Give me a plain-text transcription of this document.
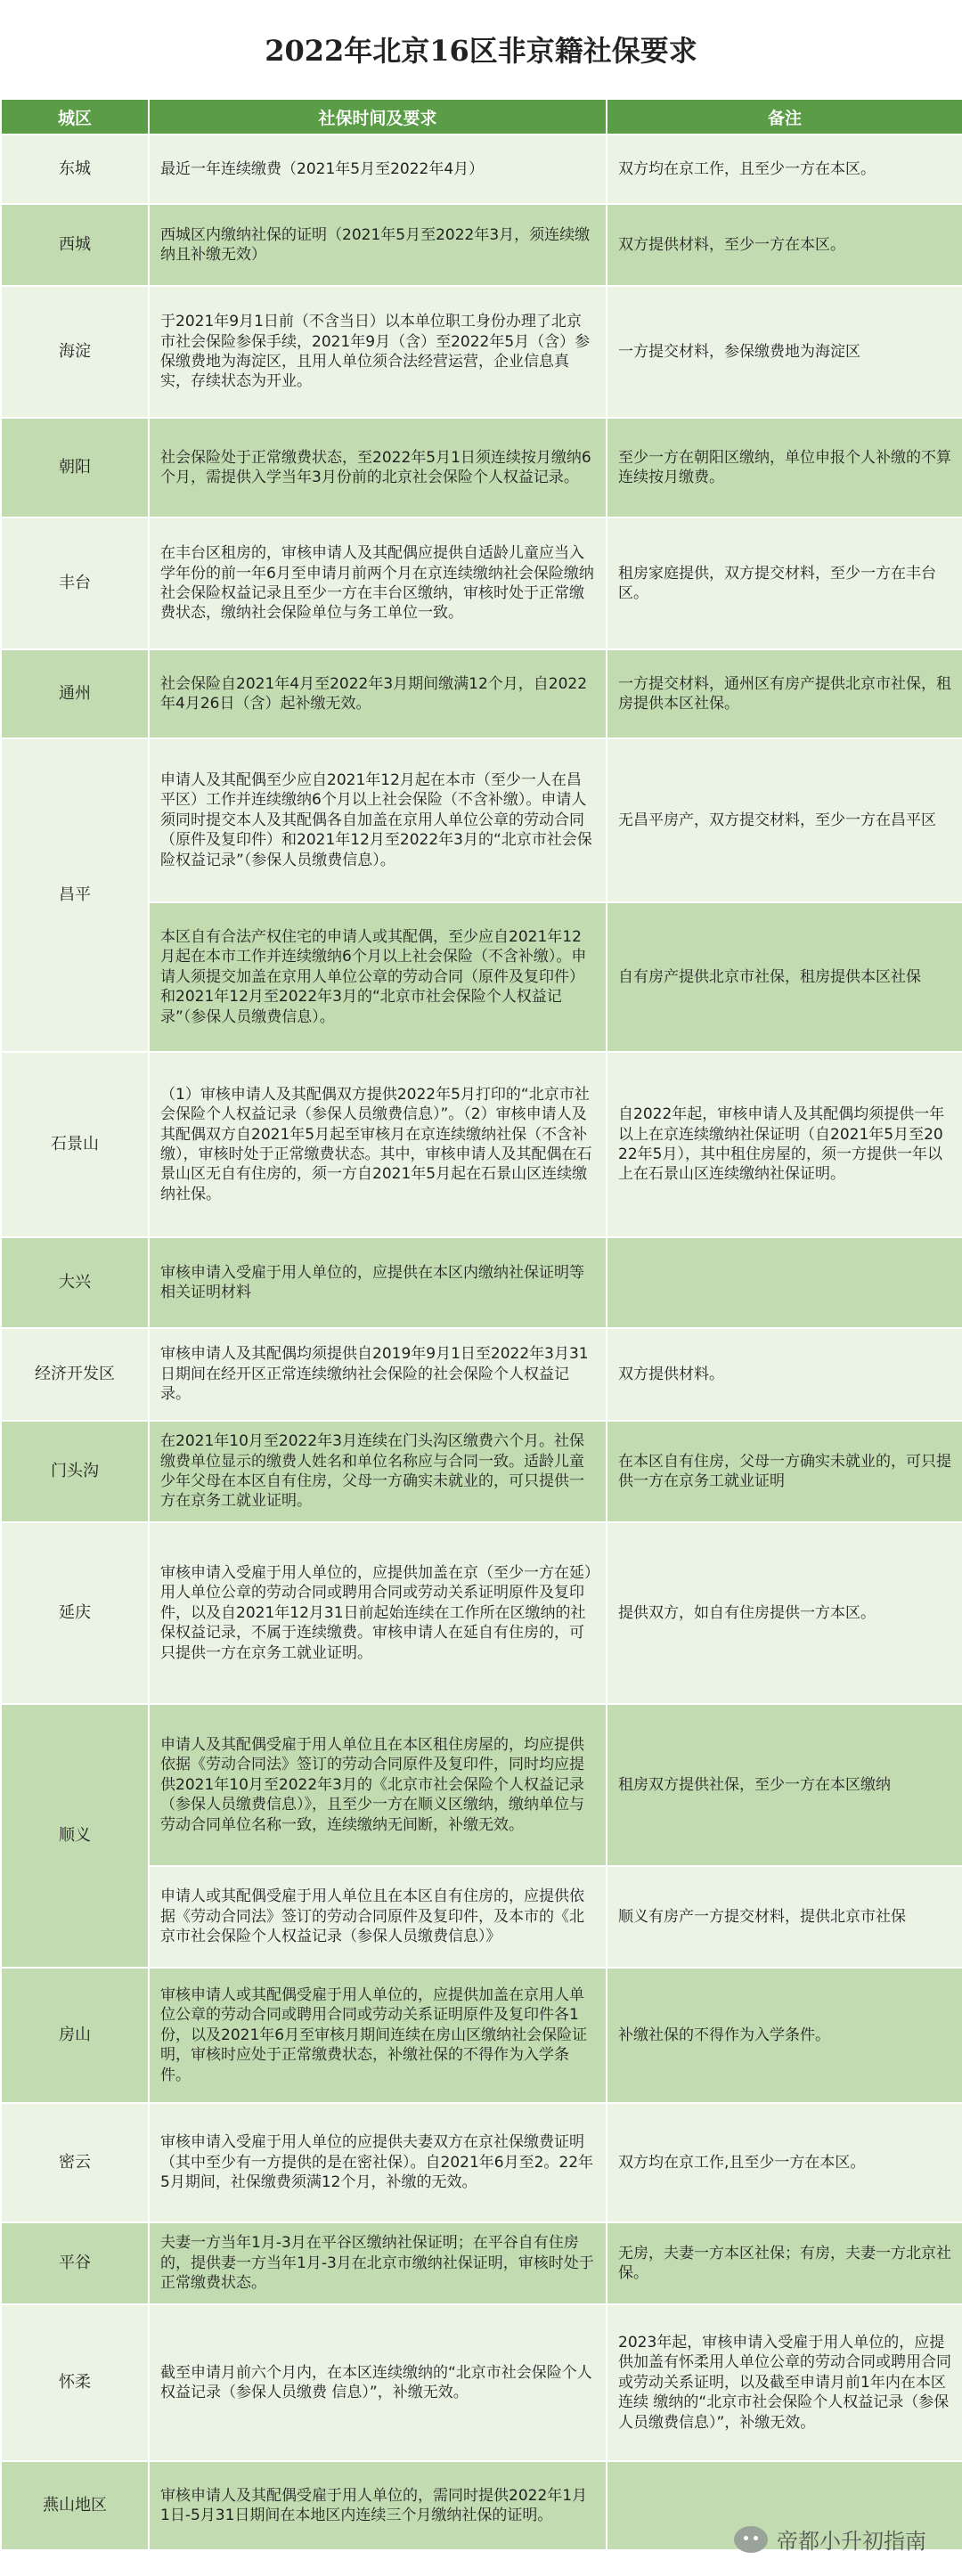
2022年北京16区非京籍社保要求
城区	社保时间及要求	备注
东城	最近一年连续缴费（2021年5月至2022年4月）	双方均在京工作，且至少一方在本区。
西城	西城区内缴纳社保的证明（2021年5月至2022年3月，须连续缴纳且补缴无效）	双方提供材料，至少一方在本区。
海淀	于2021年9月1日前（不含当日）以本单位职工身份办理了北京市社会保险参保手续，2021年9月（含）至2022年5月（含）参保缴费地为海淀区，且用人单位须合法经营运营，企业信息真实，存续状态为开业。	一方提交材料，参保缴费地为海淀区
朝阳	社会保险处于正常缴费状态，至2022年5月1日须连续按月缴纳6个月，需提供入学当年3月份前的北京社会保险个人权益记录。	至少一方在朝阳区缴纳，单位申报个人补缴的不算连续按月缴费。
丰台	在丰台区租房的，审核申请人及其配偶应提供自适龄儿童应当入学年份的前一年6月至申请月前两个月在京连续缴纳社会保险缴纳社会保险权益记录且至少一方在丰台区缴纳，审核时处于正常缴费状态，缴纳社会保险单位与务工单位一致。	租房家庭提供，双方提交材料，至少一方在丰台区。
通州	社会保险自2021年4月至2022年3月期间缴满12个月，自2022年4月26日（含）起补缴无效。	一方提交材料，通州区有房产提供北京市社保，租房提供本区社保。
昌平	申请人及其配偶至少应自2021年12月起在本市（至少一人在昌平区）工作并连续缴纳6个月以上社会保险（不含补缴）。申请人须同时提交本人及其配偶各自加盖在京用人单位公章的劳动合同（原件及复印件）和2021年12月至2022年3月的“北京市社会保险权益记录”（参保人员缴费信息）。	无昌平房产，双方提交材料，至少一方在昌平区
	本区自有合法产权住宅的申请人或其配偶，至少应自2021年12月起在本市工作并连续缴纳6个月以上社会保险（不含补缴）。申请人须提交加盖在京用人单位公章的劳动合同（原件及复印件）和2021年12月至2022年3月的“北京市社会保险个人权益记录”（参保人员缴费信息）。	自有房产提供北京市社保，租房提供本区社保
石景山	（1）审核申请人及其配偶双方提供2022年5月打印的“北京市社会保险个人权益记录（参保人员缴费信息）”。（2）审核申请人及其配偶双方自2021年5月起至审核月在京连续缴纳社保（不含补缴），审核时处于正常缴费状态。其中，审核申请人及其配偶在石景山区无自有住房的，须一方自2021年5月起在石景山区连续缴纳社保。	自2022年起，审核申请人及其配偶均须提供一年以上在京连续缴纳社保证明（自2021年5月至2022年5月），其中租住房屋的，须一方提供一年以上在石景山区连续缴纳社保证明。
大兴	审核申请入受雇于用人单位的，应提供在本区内缴纳社保证明等相关证明材料	
经济开发区	审核申请人及其配偶均须提供自2019年9月1日至2022年3月31日期间在经开区正常连续缴纳社会保险的社会保险个人权益记录。	双方提供材料。
门头沟	在2021年10月至2022年3月连续在门头沟区缴费六个月。社保缴费单位显示的缴费人姓名和单位名称应与合同一致。适龄儿童少年父母在本区自有住房，父母一方确实未就业的，可只提供一方在京务工就业证明。	在本区自有住房，父母一方确实未就业的，可只提供一方在京务工就业证明
延庆	审核申请入受雇于用人单位的，应提供加盖在京（至少一方在延）用人单位公章的劳动合同或聘用合同或劳动关系证明原件及复印件，以及自2021年12月31日前起始连续在工作所在区缴纳的社保权益记录，不属于连续缴费。审核申请人在延自有住房的，可只提供一方在京务工就业证明。	提供双方，如自有住房提供一方本区。
顺义	申请人及其配偶受雇于用人单位且在本区租住房屋的，均应提供依据《劳动合同法》签订的劳动合同原件及复印件，同时均应提供2021年10月至2022年3月的《北京市社会保险个人权益记录（参保人员缴费信息）》，且至少一方在顺义区缴纳，缴纳单位与劳动合同单位名称一致，连续缴纳无间断，补缴无效。	租房双方提供社保，至少一方在本区缴纳
	申请人或其配偶受雇于用人单位且在本区自有住房的，应提供依据《劳动合同法》签订的劳动合同原件及复印件，及本市的《北京市社会保险个人权益记录（参保人员缴费信息）》	顺义有房产一方提交材料，提供北京市社保
房山	审核申请人或其配偶受雇于用人单位的，应提供加盖在京用人单位公章的劳动合同或聘用合同或劳动关系证明原件及复印件各1份，以及2021年6月至审核月期间连续在房山区缴纳社会保险证明，审核时应处于正常缴费状态，补缴社保的不得作为入学条件。	补缴社保的不得作为入学条件。
密云	审核申请入受雇于用人单位的应提供夫妻双方在京社保缴费证明（其中至少有一方提供的是在密社保）。自2021年6月至2。22年5月期间，社保缴费须满12个月，补缴的无效。	双方均在京工作,且至少一方在本区。
平谷	夫妻一方当年1月-3月在平谷区缴纳社保证明；在平谷自有住房的，提供妻一方当年1月-3月在北京市缴纳社保证明，审核时处于正常缴费状态。	无房，夫妻一方本区社保；有房，夫妻一方北京社保。
怀柔	截至申请月前六个月内，在本区连续缴纳的“北京市社会保险个人权益记录（参保人员缴费 信息）”，补缴无效。	2023年起，审核申请入受雇于用人单位的，应提供加盖有怀柔用人单位公章的劳动合同或聘用合同或劳动关系证明，以及截至申请月前1年内在本区连续 缴纳的“北京市社会保险个人权益记录（参保人员缴费信息）”，补缴无效。
燕山地区	审核申请人及其配偶受雇于用人单位的，需同时提供2022年1月1日-5月31日期间在本地区内连续三个月缴纳社保的证明。	
帝都小升初指南
